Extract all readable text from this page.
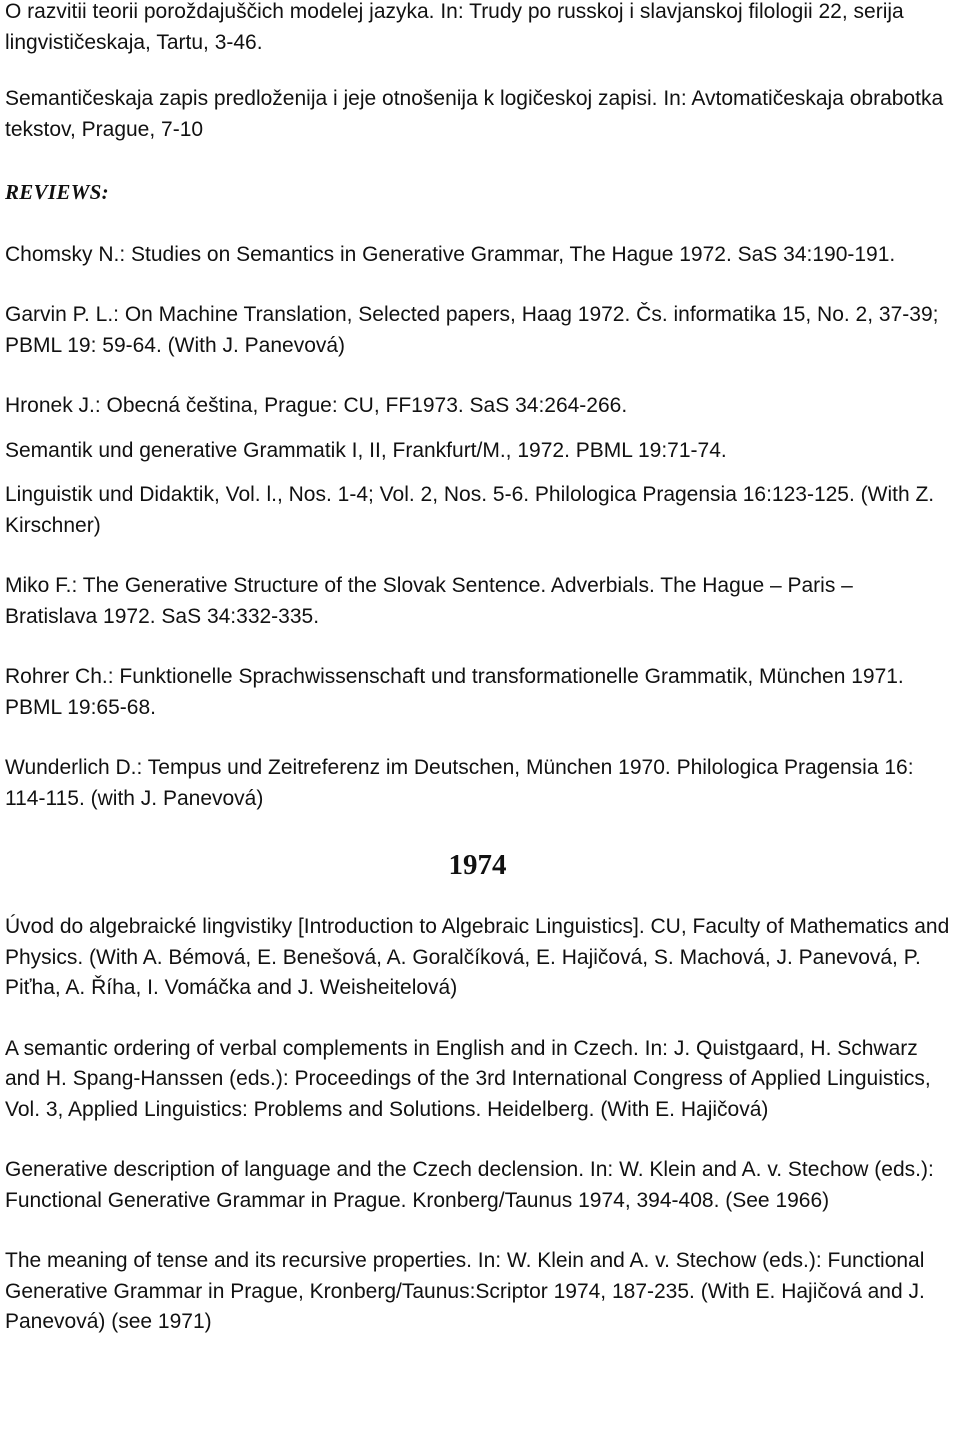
O razvitii teorii poroždajuščich modelej jazyka. In: Trudy po russkoj i slavjanskoj filologii 22, serija lingvističeskaja, Tartu, 3-46.

Semantičeskaja zapis predloženija i jeje otnošenija k logičeskoj zapisi. In: Avtomatičeskaja obrabotka tekstov, Prague, 7-10

REVIEWS:

Chomsky N.: Studies on Semantics in Generative Grammar, The Hague 1972. SaS 34:190-191.

Garvin P. L.: On Machine Translation, Selected papers, Haag 1972. Čs. informatika 15, No. 2, 37-39; PBML 19: 59-64. (With J. Panevová)

Hronek J.: Obecná čeština, Prague: CU, FF1973. SaS 34:264-266.

Semantik und generative Grammatik I, II, Frankfurt/M., 1972. PBML 19:71-74.

Linguistik und Didaktik, Vol. l., Nos. 1-4; Vol. 2, Nos. 5-6. Philologica Pragensia 16:123-125. (With Z. Kirschner)

Miko F.: The Generative Structure of the Slovak Sentence. Adverbials. The Hague – Paris – Bratislava 1972. SaS 34:332-335.

Rohrer Ch.: Funktionelle Sprachwissenschaft und transformationelle Grammatik, München 1971. PBML 19:65-68.

Wunderlich D.: Tempus und Zeitreferenz im Deutschen, München 1970. Philologica Pragensia 16: 114-115. (with J. Panevová)

1974

Úvod do algebraické lingvistiky [Introduction to Algebraic Linguistics]. CU, Faculty of Mathematics and Physics. (With A. Bémová, E. Benešová, A. Goralčíková, E. Hajičová, S. Machová, J. Panevová, P. Piťha, A. Říha, I. Vomáčka and J. Weisheitelová)

A semantic ordering of verbal complements in English and in Czech. In: J. Quistgaard, H. Schwarz and H. Spang-Hanssen (eds.): Proceedings of the 3rd International Congress of Applied Linguistics, Vol. 3, Applied Linguistics: Problems and Solutions. Heidelberg. (With E. Hajičová)

Generative description of language and the Czech declension. In: W. Klein and A. v. Stechow (eds.): Functional Generative Grammar in Prague. Kronberg/Taunus 1974, 394-408. (See 1966)

The meaning of tense and its recursive properties. In: W. Klein and A. v. Stechow (eds.): Functional Generative Grammar in Prague, Kronberg/Taunus:Scriptor 1974, 187-235. (With E. Hajičová and J. Panevová) (see 1971)
